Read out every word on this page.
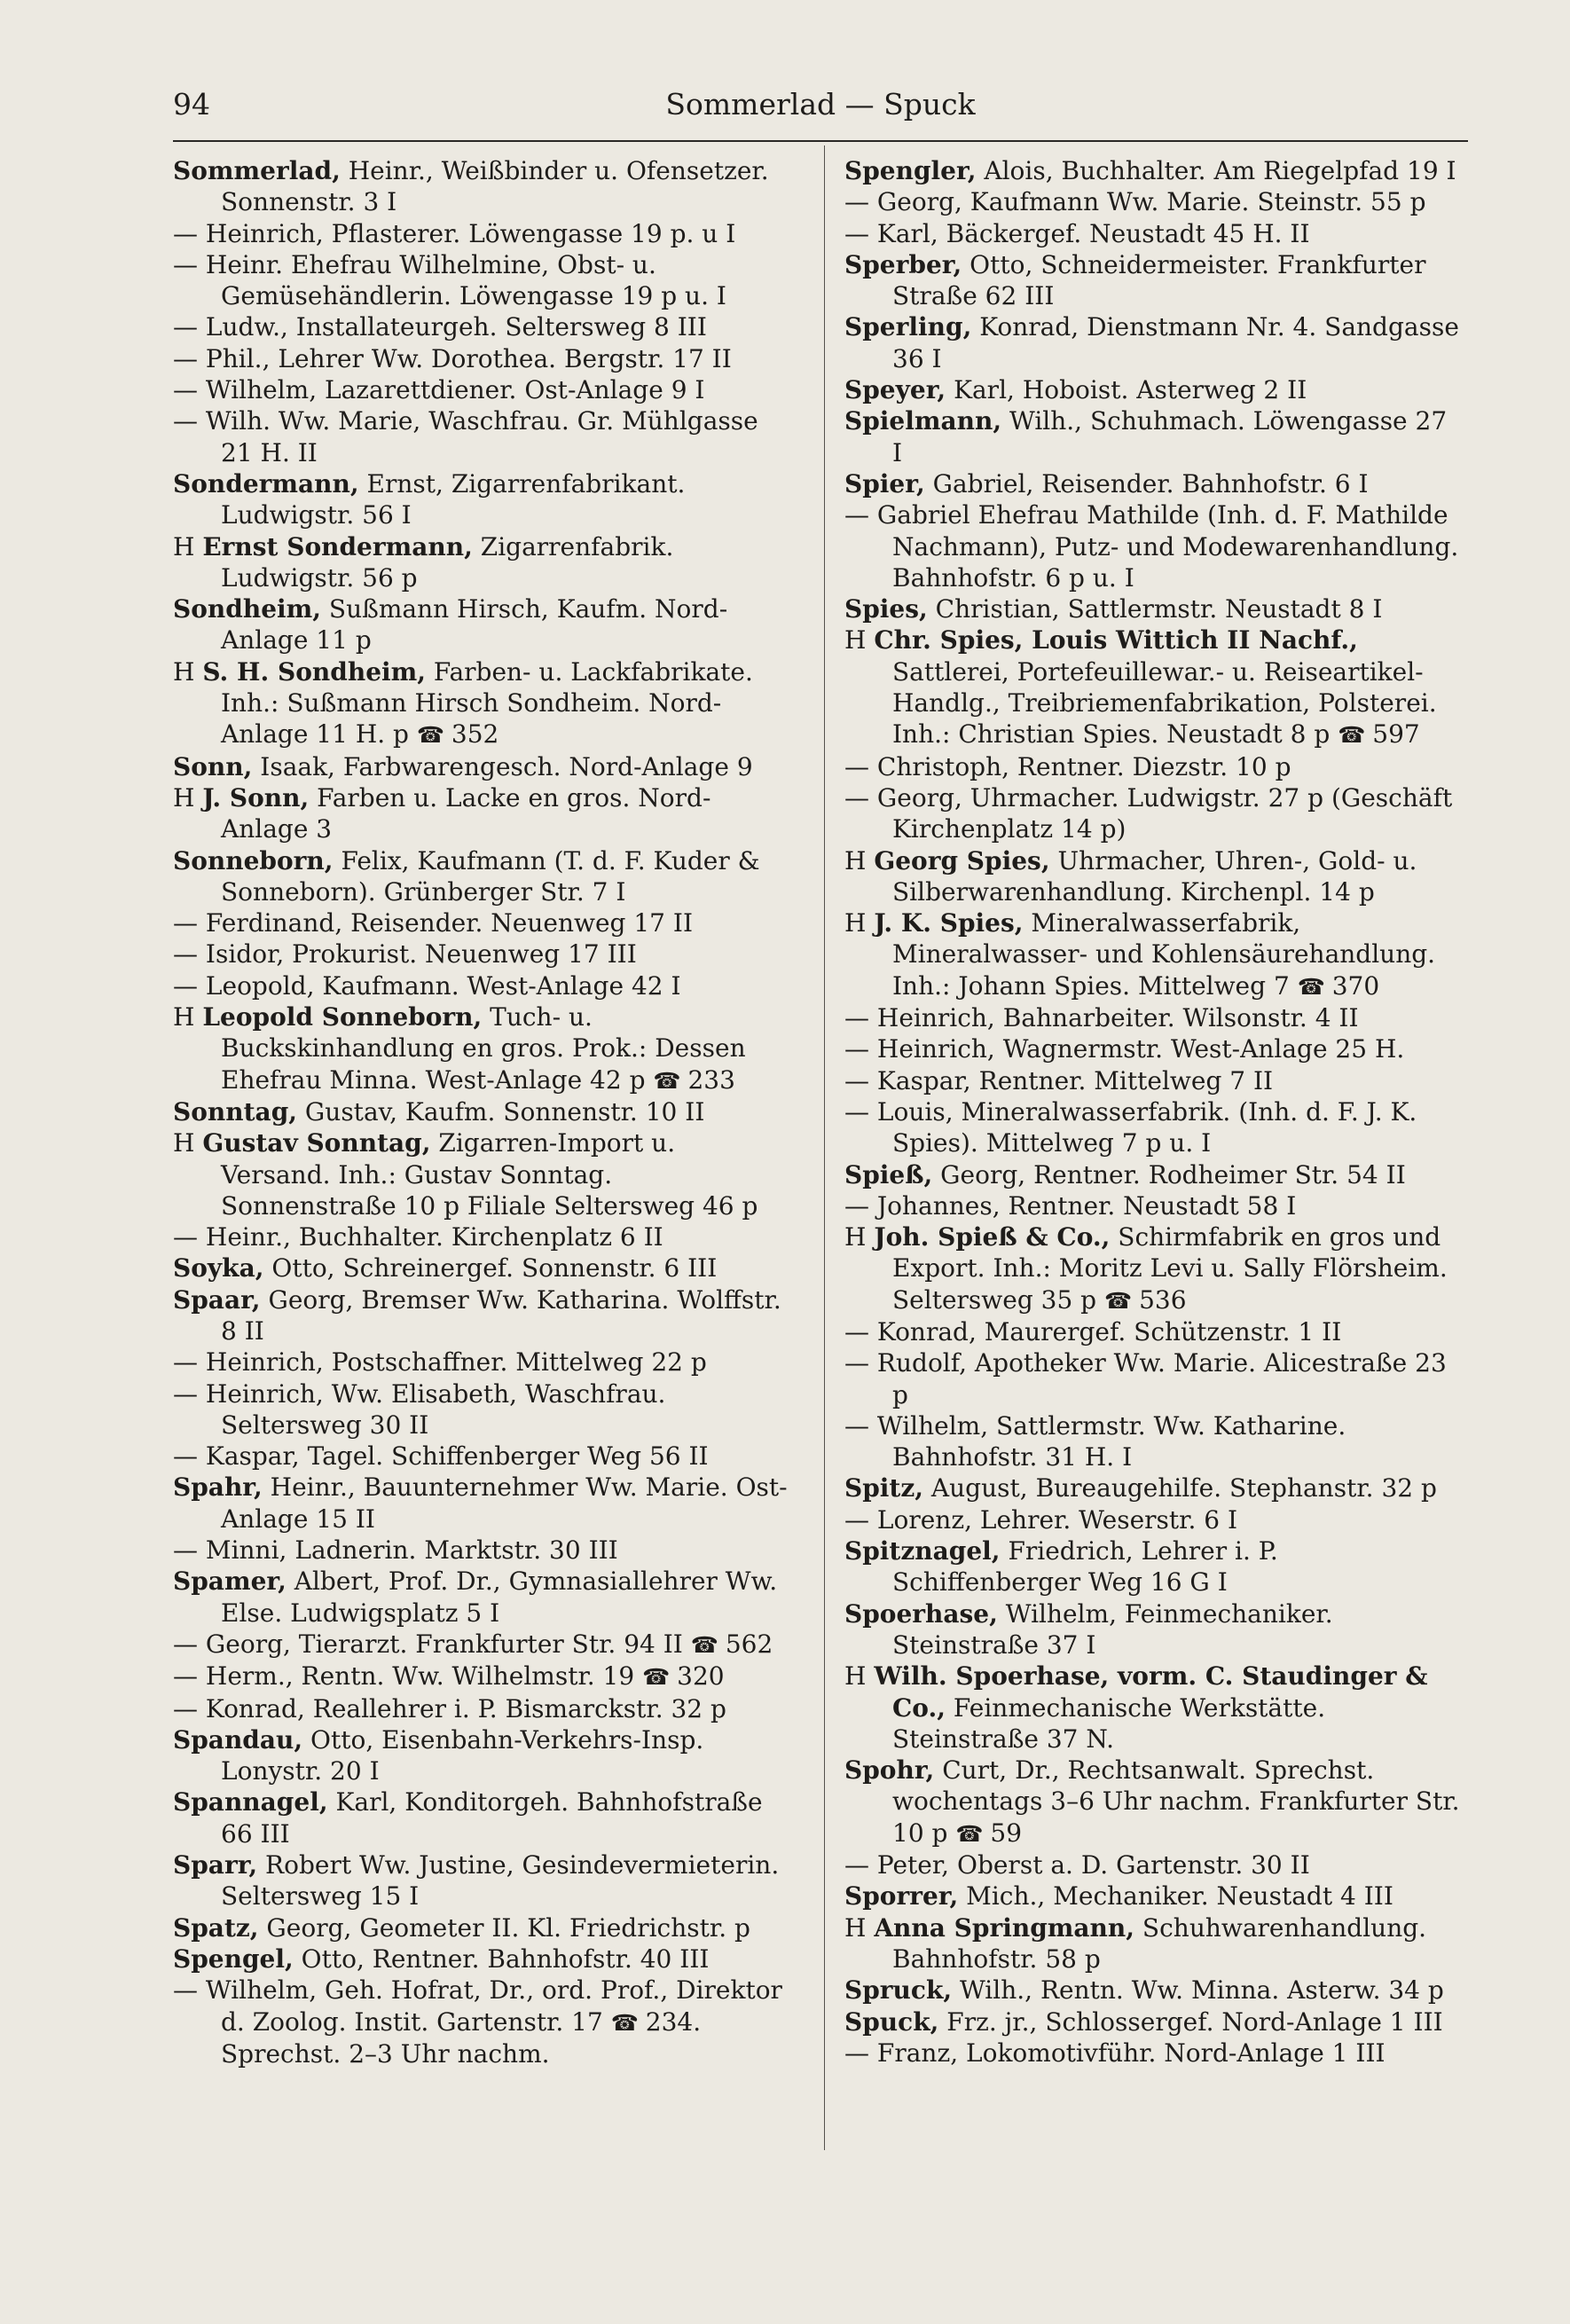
94	Sommerlad — Spuck
Sommerlad, Heinr., Weißbinder u. Ofensetzer. Sonnenstr. 3 I
— Heinrich, Pflasterer. Löwengasse 19 p. u I
— Heinr. Ehefrau Wilhelmine, Obst- u. Gemüsehändlerin. Löwengasse 19 p u. I
— Ludw., Installateurgeh. Seltersweg 8 III
— Phil., Lehrer Ww. Dorothea. Bergstr. 17 II
— Wilhelm, Lazarettdiener. Ost-Anlage 9 I
— Wilh. Ww. Marie, Waschfrau. Gr. Mühlgasse 21 H. II
Sondermann, Ernst, Zigarrenfabrikant. Ludwigstr. 56 I
H Ernst Sondermann, Zigarrenfabrik. Ludwigstr. 56 p
Sondheim, Sußmann Hirsch, Kaufm. Nord-Anlage 11 p
H S. H. Sondheim, Farben- u. Lackfabrikate. Inh.: Sußmann Hirsch Sondheim. Nord-Anlage 11 H. p ☎ 352
Sonn, Isaak, Farbwarengesch. Nord-Anlage 9
H J. Sonn, Farben u. Lacke en gros. Nord-Anlage 3
Sonneborn, Felix, Kaufmann (T. d. F. Kuder & Sonneborn). Grünberger Str. 7 I
— Ferdinand, Reisender. Neuenweg 17 II
— Isidor, Prokurist. Neuenweg 17 III
— Leopold, Kaufmann. West-Anlage 42 I
H Leopold Sonneborn, Tuch- u. Buckskinhandlung en gros. Prok.: Dessen Ehefrau Minna. West-Anlage 42 p ☎ 233
Sonntag, Gustav, Kaufm. Sonnenstr. 10 II
H Gustav Sonntag, Zigarren-Import u. Versand. Inh.: Gustav Sonntag. Sonnenstraße 10 p Filiale Seltersweg 46 p
— Heinr., Buchhalter. Kirchenplatz 6 II
Soyka, Otto, Schreinergef. Sonnenstr. 6 III
Spaar, Georg, Bremser Ww. Katharina. Wolffstr. 8 II
— Heinrich, Postschaffner. Mittelweg 22 p
— Heinrich, Ww. Elisabeth, Waschfrau. Seltersweg 30 II
— Kaspar, Tagel. Schiffenberger Weg 56 II
Spahr, Heinr., Bauunternehmer Ww. Marie. Ost-Anlage 15 II
— Minni, Ladnerin. Marktstr. 30 III
Spamer, Albert, Prof. Dr., Gymnasiallehrer Ww. Else. Ludwigsplatz 5 I
— Georg, Tierarzt. Frankfurter Str. 94 II ☎ 562
— Herm., Rentn. Ww. Wilhelmstr. 19 ☎ 320
— Konrad, Reallehrer i. P. Bismarckstr. 32 p
Spandau, Otto, Eisenbahn-Verkehrs-Insp. Lonystr. 20 I
Spannagel, Karl, Konditorgeh. Bahnhofstraße 66 III
Sparr, Robert Ww. Justine, Gesindevermieterin. Seltersweg 15 I
Spatz, Georg, Geometer II. Kl. Friedrichstr. p
Spengel, Otto, Rentner. Bahnhofstr. 40 III
— Wilhelm, Geh. Hofrat, Dr., ord. Prof., Direktor d. Zoolog. Instit. Gartenstr. 17 ☎ 234. Sprechst. 2–3 Uhr nachm.
Spengler, Alois, Buchhalter. Am Riegelpfad 19 I
— Georg, Kaufmann Ww. Marie. Steinstr. 55 p
— Karl, Bäckergef. Neustadt 45 H. II
Sperber, Otto, Schneidermeister. Frankfurter Straße 62 III
Sperling, Konrad, Dienstmann Nr. 4. Sandgasse 36 I
Speyer, Karl, Hoboist. Asterweg 2 II
Spielmann, Wilh., Schuhmach. Löwengasse 27 I
Spier, Gabriel, Reisender. Bahnhofstr. 6 I
— Gabriel Ehefrau Mathilde (Inh. d. F. Mathilde Nachmann), Putz- und Modewarenhandlung. Bahnhofstr. 6 p u. I
Spies, Christian, Sattlermstr. Neustadt 8 I
H Chr. Spies, Louis Wittich II Nachf., Sattlerei, Portefeuillewar.- u. Reiseartikel-Handlg., Treibriemenfabrikation, Polsterei. Inh.: Christian Spies. Neustadt 8 p ☎ 597
— Christoph, Rentner. Diezstr. 10 p
— Georg, Uhrmacher. Ludwigstr. 27 p (Geschäft Kirchenplatz 14 p)
H Georg Spies, Uhrmacher, Uhren-, Gold- u. Silberwarenhandlung. Kirchenpl. 14 p
H J. K. Spies, Mineralwasserfabrik, Mineralwasser- und Kohlensäurehandlung. Inh.: Johann Spies. Mittelweg 7 ☎ 370
— Heinrich, Bahnarbeiter. Wilsonstr. 4 II
— Heinrich, Wagnermstr. West-Anlage 25 H.
— Kaspar, Rentner. Mittelweg 7 II
— Louis, Mineralwasserfabrik. (Inh. d. F. J. K. Spies). Mittelweg 7 p u. I
Spieß, Georg, Rentner. Rodheimer Str. 54 II
— Johannes, Rentner. Neustadt 58 I
H Joh. Spieß & Co., Schirmfabrik en gros und Export. Inh.: Moritz Levi u. Sally Flörsheim. Seltersweg 35 p ☎ 536
— Konrad, Maurergef. Schützenstr. 1 II
— Rudolf, Apotheker Ww. Marie. Alicestraße 23 p
— Wilhelm, Sattlermstr. Ww. Katharine. Bahnhofstr. 31 H. I
Spitz, August, Bureaugehilfe. Stephanstr. 32 p
— Lorenz, Lehrer. Weserstr. 6 I
Spitznagel, Friedrich, Lehrer i. P. Schiffenberger Weg 16 G I
Spoerhase, Wilhelm, Feinmechaniker. Steinstraße 37 I
H Wilh. Spoerhase, vorm. C. Staudinger & Co., Feinmechanische Werkstätte. Steinstraße 37 N.
Spohr, Curt, Dr., Rechtsanwalt. Sprechst. wochentags 3–6 Uhr nachm. Frankfurter Str. 10 p ☎ 59
— Peter, Oberst a. D. Gartenstr. 30 II
Sporrer, Mich., Mechaniker. Neustadt 4 III
H Anna Springmann, Schuhwarenhandlung. Bahnhofstr. 58 p
Spruck, Wilh., Rentn. Ww. Minna. Asterw. 34 p
Spuck, Frz. jr., Schlossergef. Nord-Anlage 1 III
— Franz, Lokomotivführ. Nord-Anlage 1 III
